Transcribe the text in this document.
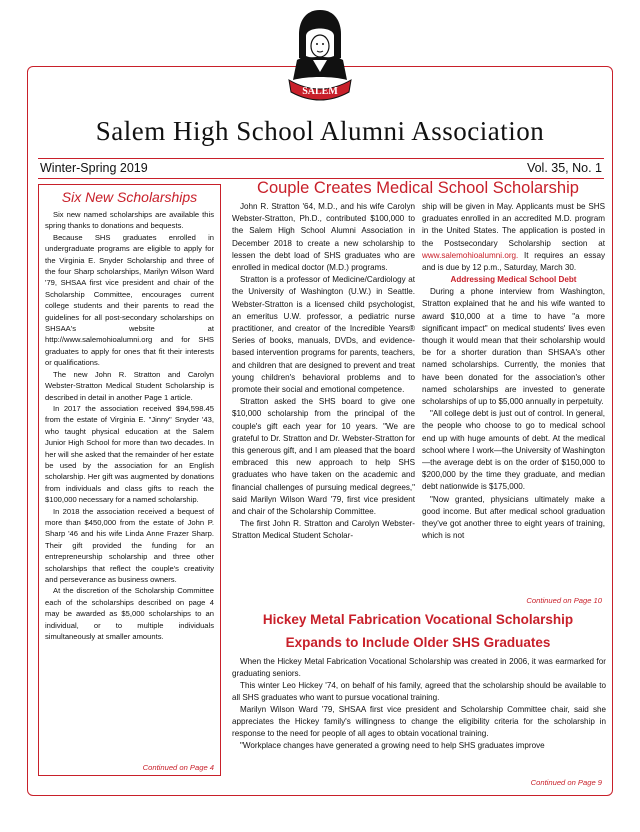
SALEM
Salem High School Alumni Association
Winter-Spring 2019	Vol. 35, No. 1
Six New Scholarships

Six new named scholarships are available this spring thanks to donations and bequests.

Because SHS graduates enrolled in undergraduate programs are eligible to apply for the Virginia E. Snyder Scholarship and three of the four Sharp scholarships, Marilyn Wilson Ward '79, SHSAA first vice president and chair of the Scholarship Committee, encourages current college students and their parents to read the guidelines for all post-secondary scholarships on SHSAA's website at http://www.salemohioalumni.org and for SHS graduates to apply for ones that fit their interests or qualifications.

The new John R. Stratton and Carolyn Webster-Stratton Medical Student Scholarship is described in detail in another Page 1 article.

In 2017 the association received $94,598.45 from the estate of Virginia E. "Jinny" Snyder '43, who taught physical education at the Salem Junior High School for more than two decades. In her will she asked that the remainder of her estate be used by the association for an English scholarship. Her gift was augmented by donations from individuals and class gifts to reach the $100,000 necessary for a named scholarship.

In 2018 the association received a bequest of more than $450,000 from the estate of John P. Sharp '46 and his wife Linda Anne Frazer Sharp. Their gift provided the funding for an entrepreneurship scholarship and three other scholarships that reflect the couple's creativity and perseverance as business owners.

At the discretion of the Scholarship Committee each of the scholarships described on page 4 may be awarded as $5,000 scholarships to an individual, or to multiple individuals simultaneously at smaller amounts.

Continued on Page 4
Couple Creates Medical School Scholarship

John R. Stratton '64, M.D., and his wife Carolyn Webster-Stratton, Ph.D., contributed $100,000 to the Salem High School Alumni Association in December 2018 to create a new scholarship to lessen the debt load of SHS graduates who are enrolled in medical doctor (M.D.) programs.

Stratton is a professor of Medicine/Cardiology at the University of Washington (U.W.) in Seattle. Webster-Stratton is a licensed child psychologist, an emeritus U.W. professor, a pediatric nurse practitioner, and creator of the Incredible Years® Series of books, manuals, DVDs, and evidence-based intervention programs for parents, teachers, and children that are designed to prevent and treat young children's behavioral problems and to promote their social and emotional competence.

Stratton asked the SHS board to give one $10,000 scholarship from the principal of the couple's gift each year for 10 years. "We are grateful to Dr. Stratton and Dr. Webster-Stratton for this generous gift, and I am pleased that the board embraced this new approach to help SHS graduates who have taken on the academic and financial challenges of pursuing medical degrees," said Marilyn Wilson Ward '79, first vice president and chair of the Scholarship Committee.

The first John R. Stratton and Carolyn Webster-Stratton Medical Student Scholar-

ship will be given in May. Applicants must be SHS graduates enrolled in an accredited M.D. program in the United States. The application is posted in the Postsecondary Scholarship section at www.salemohioalumni.org. It requires an essay and is due by 12 p.m., Saturday, March 30.

Addressing Medical School Debt

During a phone interview from Washington, Stratton explained that he and his wife wanted to award $10,000 at a time to have "a more significant impact" on medical students' lives even though it would mean that their scholarship would be for a shorter duration than SHSAA's other named scholarships. Currently, the monies that have been donated for the association's other named scholarships are invested to generate scholarships of up to $5,000 annually in perpetuity.

"All college debt is just out of control. In general, the people who choose to go to medical school end up with huge amounts of debt. At the medical school where I work—the University of Washington—the average debt is on the order of $150,000 to $200,000 by the time they graduate, and median debt nationwide is $175,000.

"Now granted, physicians ultimately make a good income. But after medical school graduation they've got another three to eight years of training, which is not

Continued on Page 10
Hickey Metal Fabrication Vocational Scholarship
Expands to Include Older SHS Graduates

When the Hickey Metal Fabrication Vocational Scholarship was created in 2006, it was earmarked for graduating seniors.

This winter Leo Hickey '74, on behalf of his family, agreed that the scholarship should be available to all SHS graduates who want to pursue vocational training.

Marilyn Wilson Ward '79, SHSAA first vice president and Scholarship Committee chair, said she appreciates the Hickey family's willingness to change the eligibility criteria for the scholarship in response to the need for people of all ages to obtain vocational training.

"Workplace changes have generated a growing need to help SHS graduates improve

Continued on Page 9
